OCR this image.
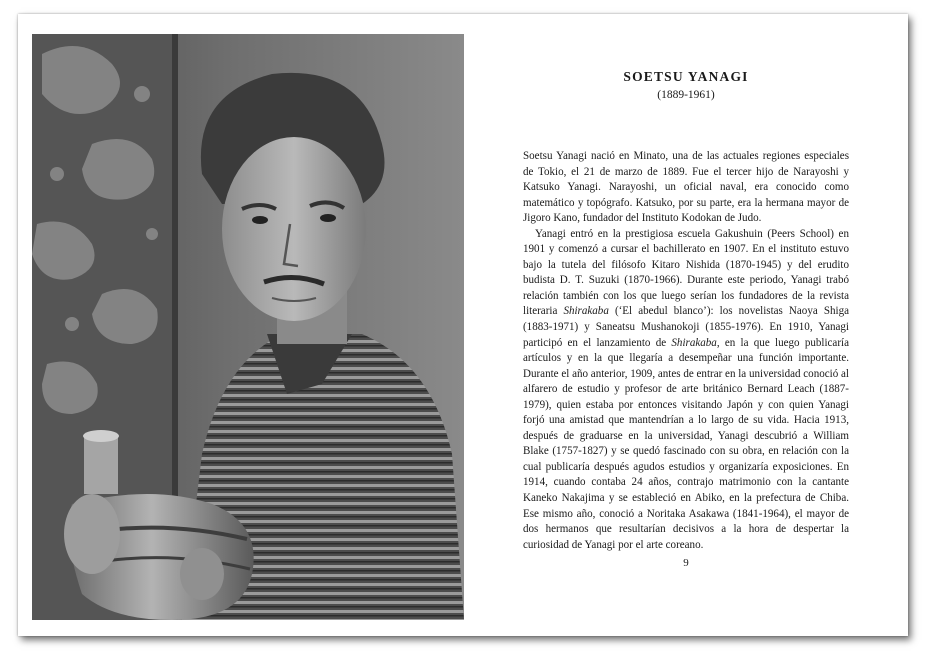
SOETSU YANAGI

(1889-1961)

Soetsu Yanagi nació en Minato, una de las actuales regiones especiales de Tokio, el 21 de marzo de 1889. Fue el tercer hijo de Narayoshi y Katsuko Yanagi. Narayoshi, un oficial naval, era conocido como matemático y topógrafo. Katsuko, por su parte, era la hermana mayor de Jigoro Kano, fundador del Instituto Kodokan de Judo.

Yanagi entró en la prestigiosa escuela Gakushuin (Peers School) en 1901 y comenzó a cursar el bachillerato en 1907. En el instituto estuvo bajo la tutela del filósofo Kitaro Nishida (1870-1945) y del erudito budista D. T. Suzuki (1870-1966). Durante este periodo, Yanagi trabó relación también con los que luego serían los fundadores de la revista literaria Shirakaba (‘El abedul blanco’): los novelistas Naoya Shiga (1883-1971) y Saneatsu Mushanokoji (1855-1976). En 1910, Yanagi participó en el lanzamiento de Shirakaba, en la que luego publicaría artículos y en la que llegaría a desempeñar una función importante. Durante el año anterior, 1909, antes de entrar en la universidad conoció al alfarero de estudio y profesor de arte británico Bernard Leach (1887-1979), quien estaba por entonces visitando Japón y con quien Yanagi forjó una amistad que mantendrían a lo largo de su vida. Hacia 1913, después de graduarse en la universidad, Yanagi descubrió a William Blake (1757-1827) y se quedó fascinado con su obra, en relación con la cual publicaría después agudos estudios y organizaría exposiciones. En 1914, cuando contaba 24 años, contrajo matrimonio con la cantante Kaneko Nakajima y se estableció en Abiko, en la prefectura de Chiba. Ese mismo año, conoció a Noritaka Asakawa (1841-1964), el mayor de dos hermanos que resultarían decisivos a la hora de despertar la curiosidad de Yanagi por el arte coreano.

9
